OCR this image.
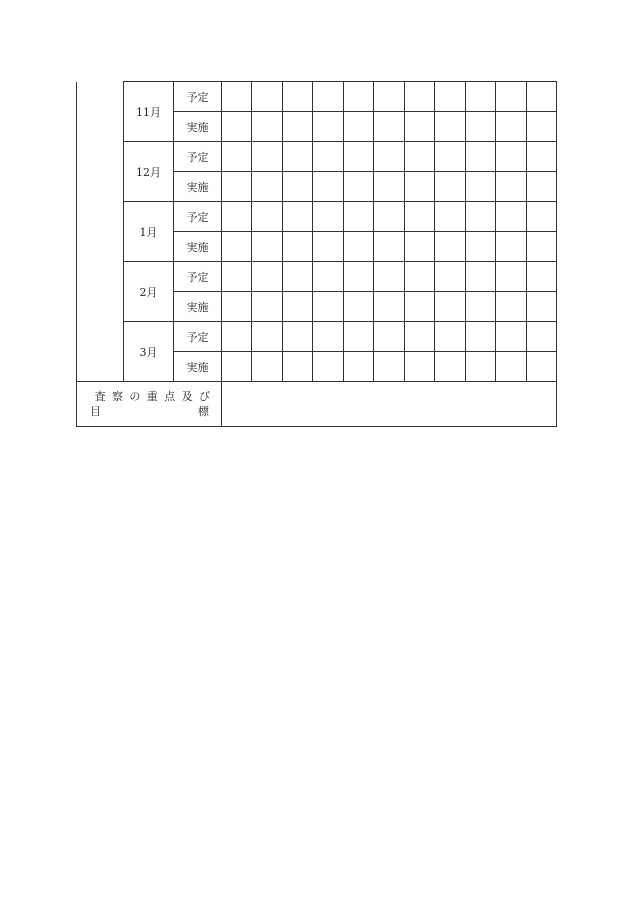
	11月	予定											
		実施											
	12月	予定											
		実施											
	1月	予定											
		実施											
	2月	予定											
		実施											
	3月	予定											
		実施											

査察の重点及び
目 標													
